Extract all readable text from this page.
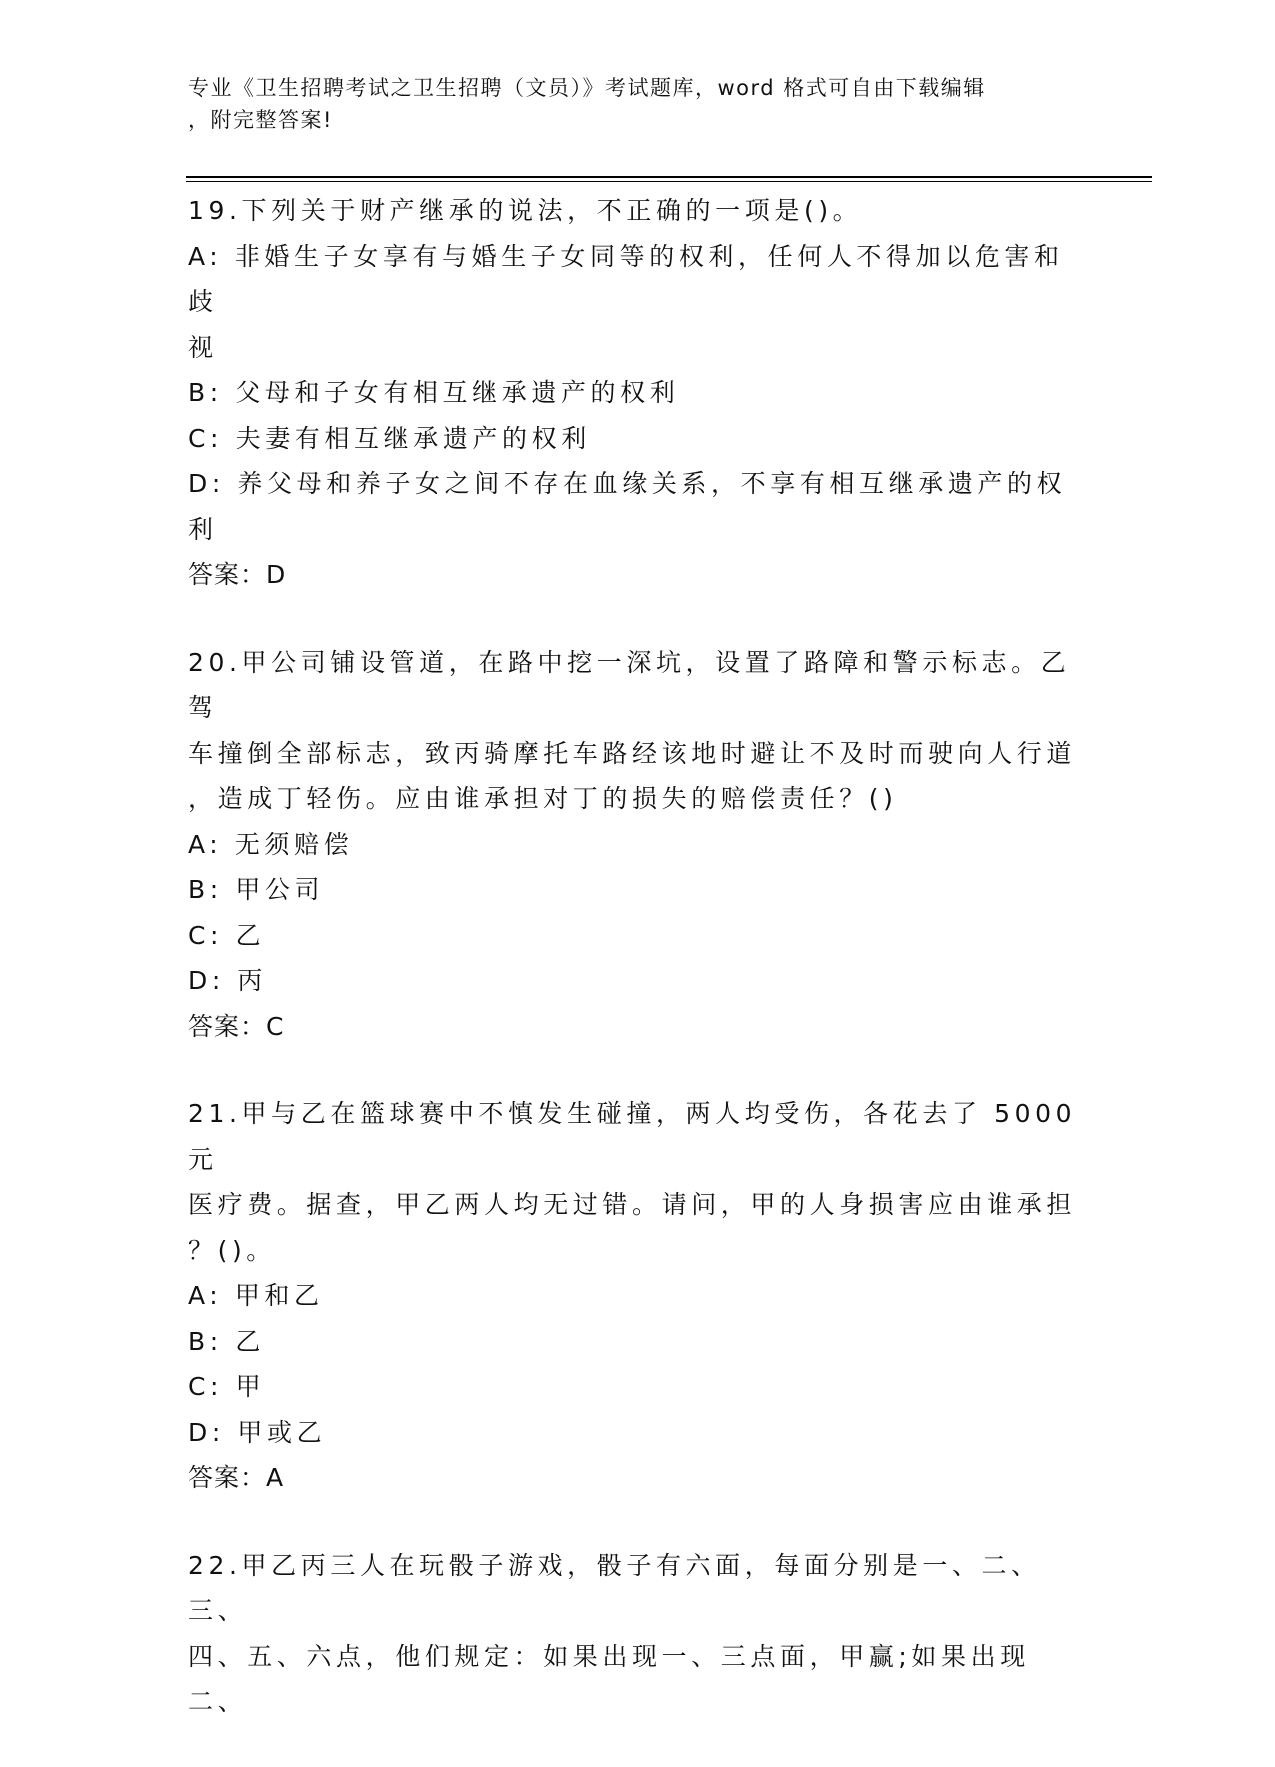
专业《卫生招聘考试之卫生招聘（文员）》考试题库，word 格式可自由下载编辑
，附完整答案!
19.下列关于财产继承的说法，不正确的一项是()。
A: 非婚生子女享有与婚生子女同等的权利，任何人不得加以危害和歧
视
B: 父母和子女有相互继承遗产的权利
C: 夫妻有相互继承遗产的权利
D: 养父母和养子女之间不存在血缘关系，不享有相互继承遗产的权利
答案：D
20.甲公司铺设管道，在路中挖一深坑，设置了路障和警示标志。乙驾
车撞倒全部标志，致丙骑摩托车路经该地时避让不及时而驶向人行道
，造成丁轻伤。应由谁承担对丁的损失的赔偿责任？()
A: 无须赔偿
B: 甲公司
C: 乙
D: 丙
答案：C
21.甲与乙在篮球赛中不慎发生碰撞，两人均受伤，各花去了 5000 元
医疗费。据查，甲乙两人均无过错。请问，甲的人身损害应由谁承担
？()。
A: 甲和乙
B: 乙
C: 甲
D: 甲或乙
答案：A
22.甲乙丙三人在玩骰子游戏，骰子有六面，每面分别是一、二、三、
四、五、六点，他们规定：如果出现一、三点面，甲赢;如果出现二、
